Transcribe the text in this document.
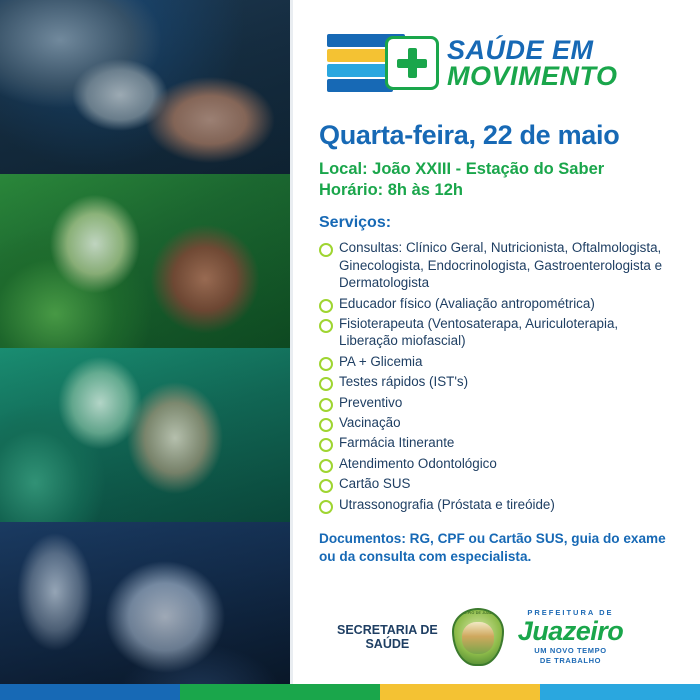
SAÚDE EM
MOVIMENTO
Quarta-feira, 22 de maio
Local: João XXIII - Estação do Saber
Horário: 8h às 12h
Serviços:
Consultas: Clínico Geral, Nutricionista, Oftalmologista, Ginecologista, Endocrinologista, Gastroenterologista e Dermatologista
Educador físico (Avaliação antropométrica)
Fisioterapeuta (Ventosaterapa, Auriculoterapia, Liberação miofascial)
PA + Glicemia
Testes rápidos (IST's)
Preventivo
Vacinação
Farmácia Itinerante
Atendimento Odontológico
Cartão SUS
Utrassonografia (Próstata e tireóide)
Documentos: RG, CPF ou Cartão SUS, guia do exame ou da consulta com especialista.
SECRETARIA DE
SAÚDE
MUNICÍPIO DE JUAZEIRO	PREFEITURA DE
Juazeiro
UM NOVO TEMPO
DE TRABALHO
